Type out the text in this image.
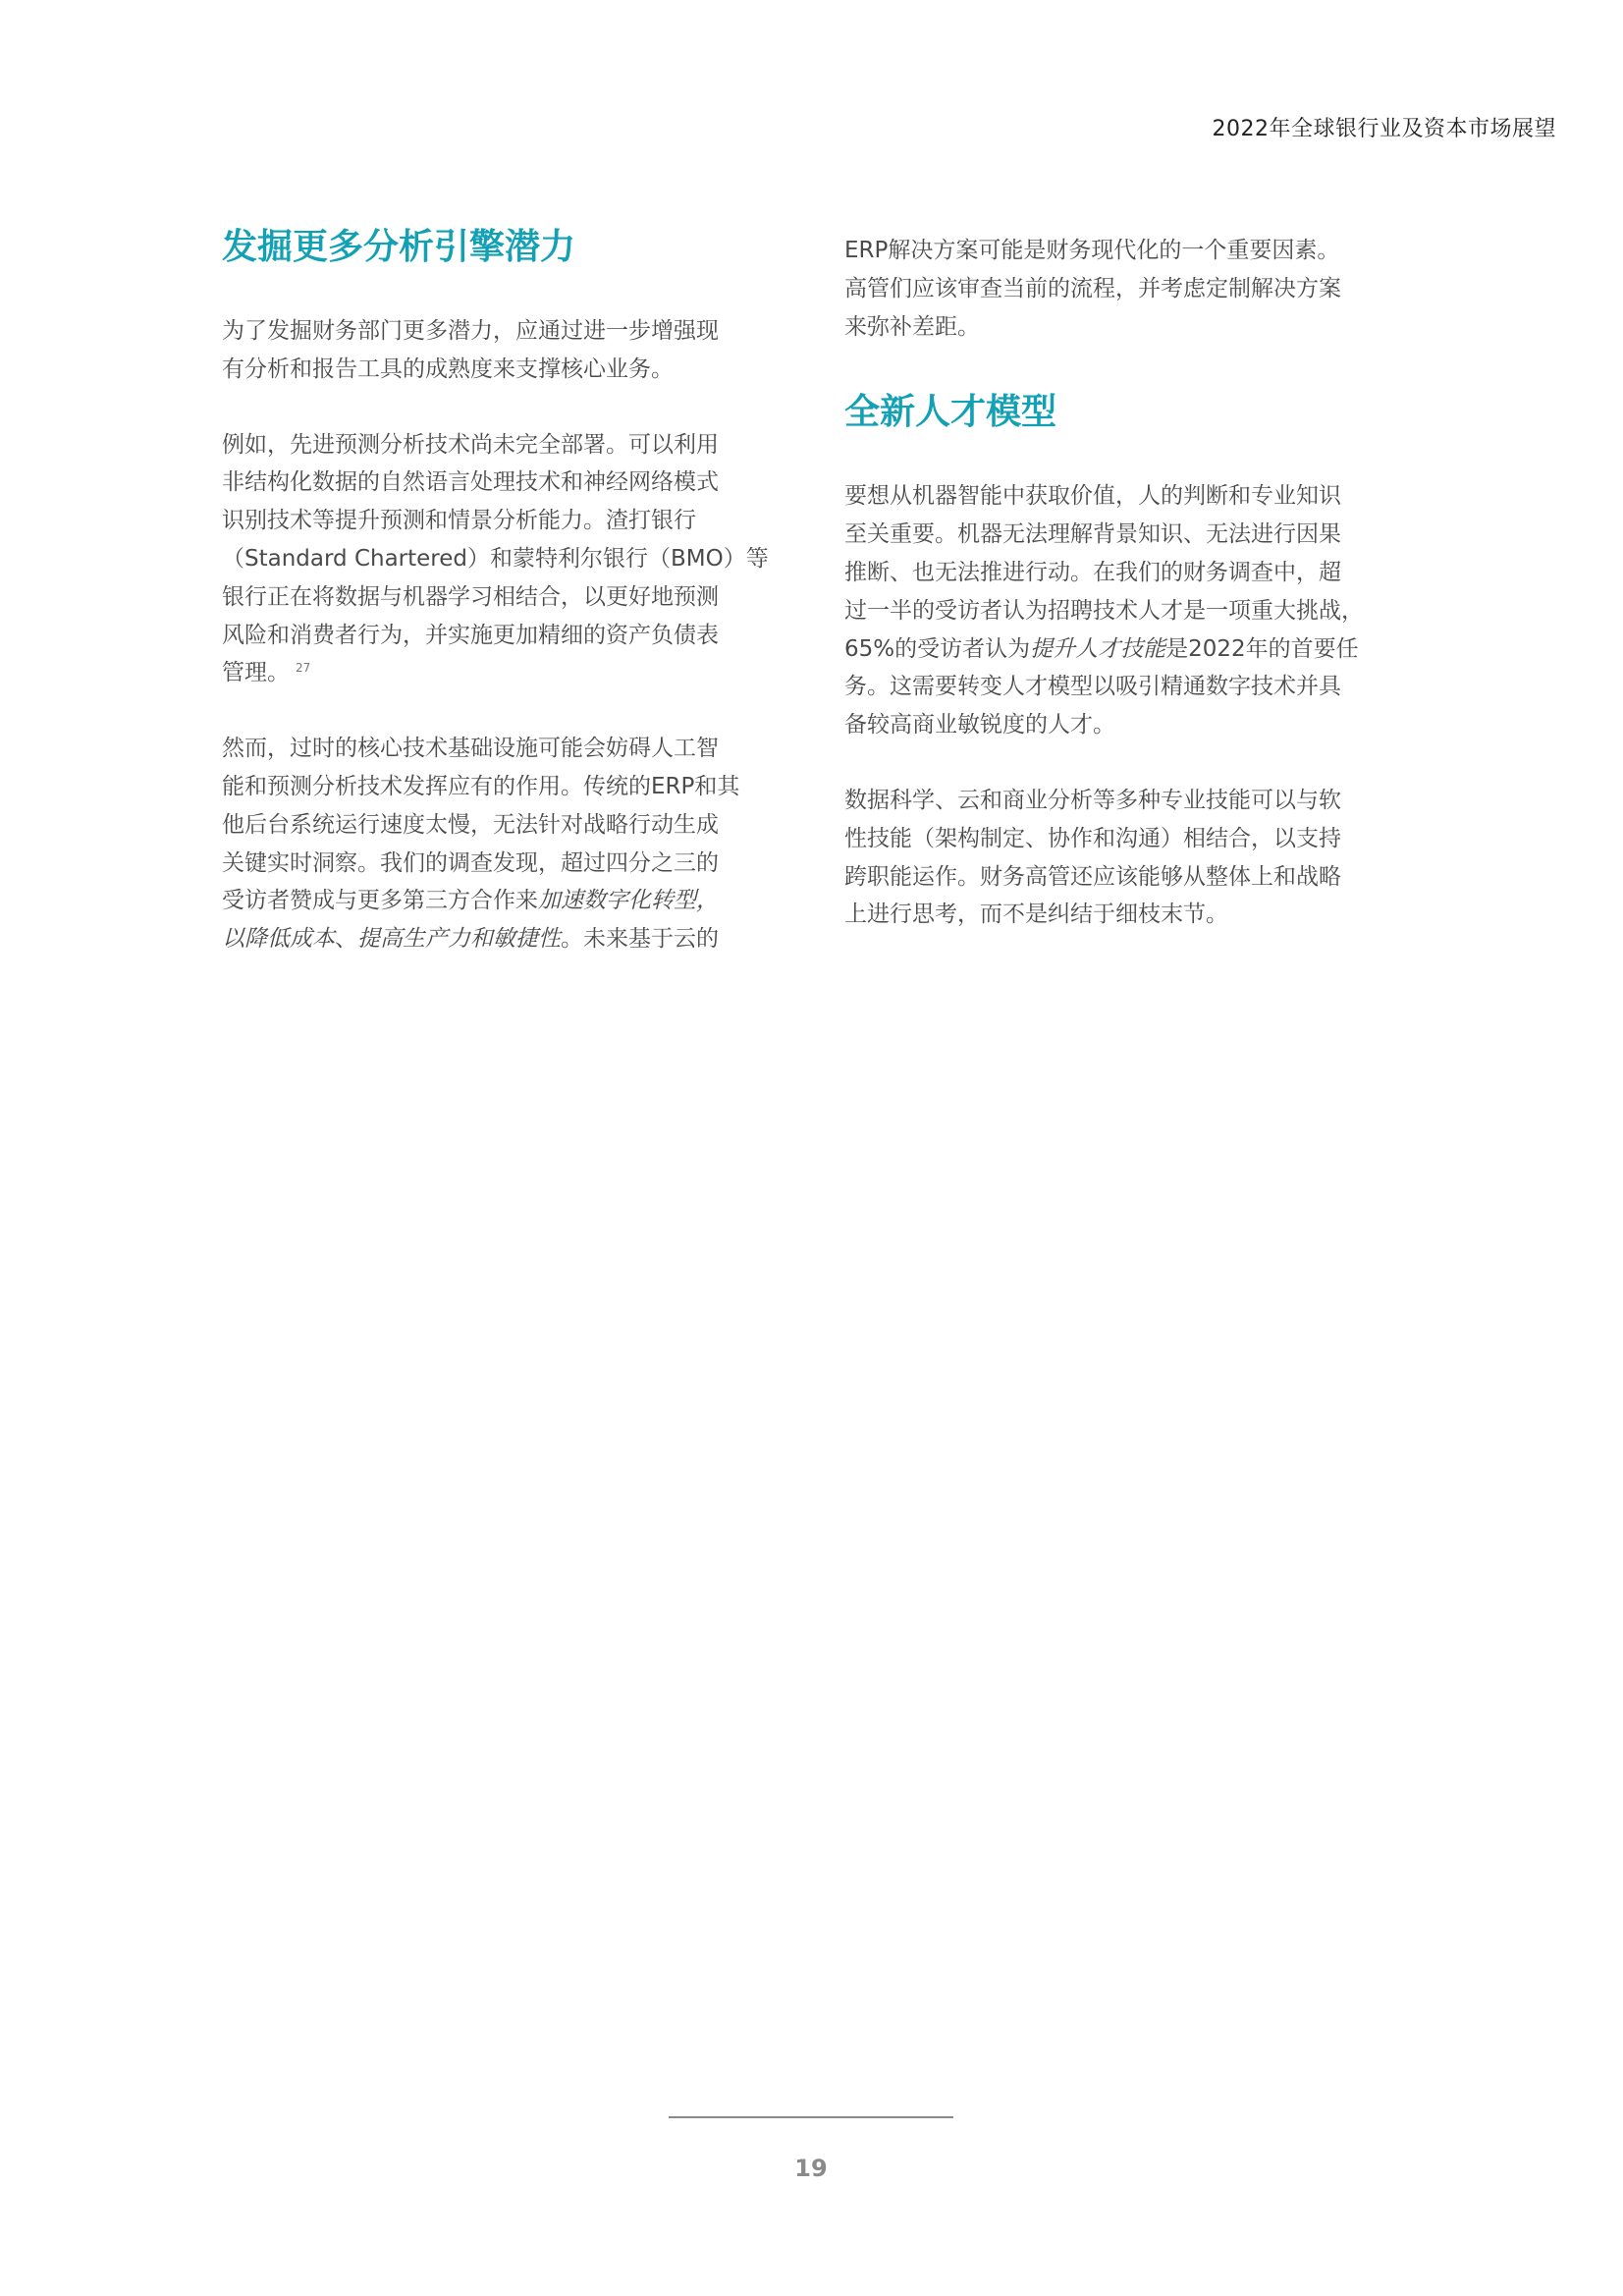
2022年全球银行业及资本市场展望
发掘更多分析引擎潜力

为了发掘财务部门更多潜力，应通过进一步增强现
有分析和报告工具的成熟度来支撑核心业务。

例如，先进预测分析技术尚未完全部署。可以利用
非结构化数据的自然语言处理技术和神经网络模式
识别技术等提升预测和情景分析能力。渣打银行
（Standard Chartered）和蒙特利尔银行（BMO）等
银行正在将数据与机器学习相结合，以更好地预测
风险和消费者行为，并实施更加精细的资产负债表
管理。 $^{27}$

然而，过时的核心技术基础设施可能会妨碍人工智
能和预测分析技术发挥应有的作用。传统的ERP和其
他后台系统运行速度太慢，无法针对战略行动生成
关键实时洞察。我们的调查发现，超过四分之三的
受访者赞成与更多第三方合作来加速数字化转型，
以降低成本、提高生产力和敏捷性。未来基于云的

ERP解决方案可能是财务现代化的一个重要因素。
高管们应该审查当前的流程，并考虑定制解决方案
来弥补差距。

全新人才模型

要想从机器智能中获取价值，人的判断和专业知识
至关重要。机器无法理解背景知识、无法进行因果
推断、也无法推进行动。在我们的财务调查中，超
过一半的受访者认为招聘技术人才是一项重大挑战，
65%的受访者认为提升人才技能是2022年的首要任
务。这需要转变人才模型以吸引精通数字技术并具
备较高商业敏锐度的人才。

数据科学、云和商业分析等多种专业技能可以与软
性技能（架构制定、协作和沟通）相结合，以支持
跨职能运作。财务高管还应该能够从整体上和战略
上进行思考，而不是纠结于细枝末节。

19
